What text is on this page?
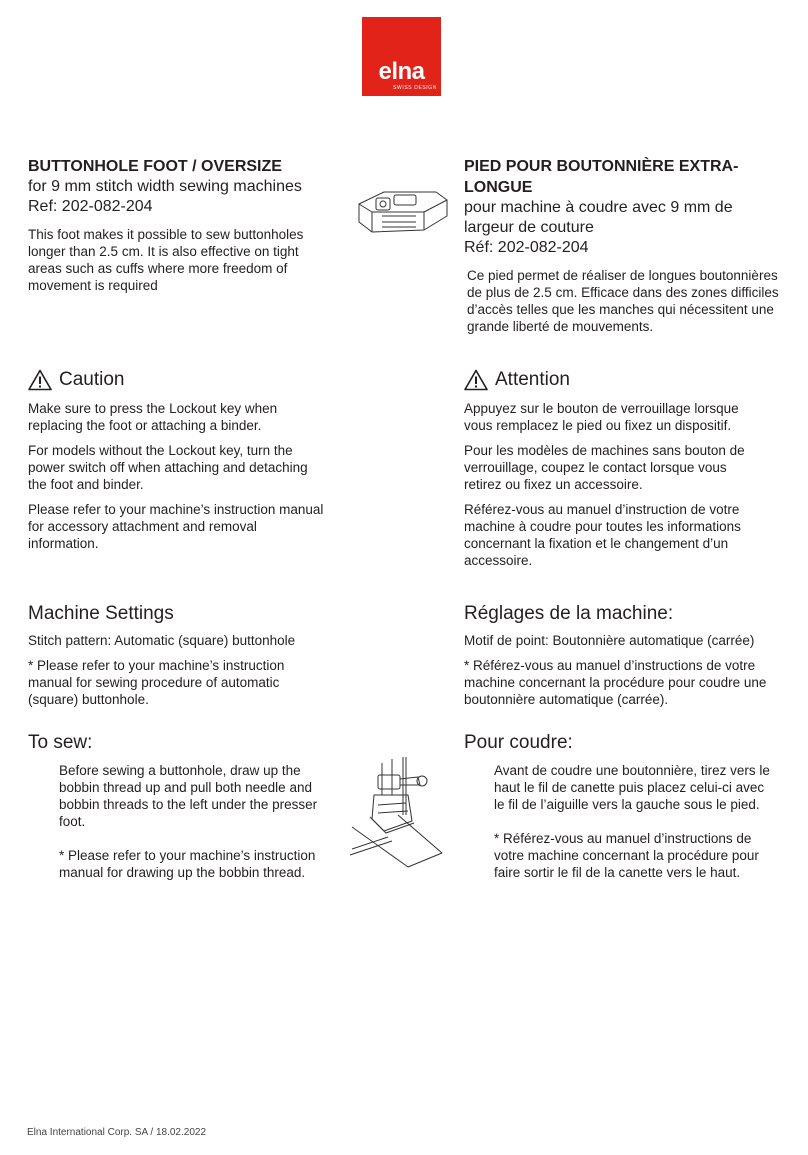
elna
SWISS DESIGN
BUTTONHOLE FOOT / OVERSIZE

for 9 mm stitch width sewing machines

Ref: 202-082-204

This foot makes it possible to sew buttonholes longer than 2.5 cm. It is also effective on tight areas such as cuffs where more freedom of movement is required

PIED POUR BOUTONNIÈRE EXTRA-LONGUE

pour machine à coudre avec 9 mm de largeur de couture

Réf: 202-082-204

Ce pied permet de réaliser de longues boutonnières de plus de 2.5 cm. Efficace dans des zones difficiles d’accès telles que les manches qui nécessitent une grande liberté de mouvements.

Caution

Make sure to press the Lockout key when replacing the foot or attaching a binder.

For models without the Lockout key, turn the power switch off when attaching and detaching the foot and binder.

Please refer to your machine’s instruction manual for accessory attachment and removal information.

Attention

Appuyez sur le bouton de verrouillage lorsque vous remplacez le pied ou fixez un dispositif.

Pour les modèles de machines sans bouton de verrouillage, coupez le contact lorsque vous retirez ou fixez un accessoire.

Référez-vous au manuel d’instruction de votre machine à coudre pour toutes les informations concernant la fixation et le changement d’un accessoire.

Machine Settings

Stitch pattern: Automatic (square) buttonhole

* Please refer to your machine’s instruction manual for sewing procedure of automatic (square) buttonhole.

Réglages de la machine:

Motif de point: Boutonnière automatique (carrée)

* Référez-vous au manuel d’instructions de votre machine concernant la procédure pour coudre une boutonnière automatique (carrée).

To sew:

Before sewing a buttonhole, draw up the bobbin thread up and pull both needle and bobbin threads to the left under the presser foot.

* Please refer to your machine’s instruction manual for drawing up the bobbin thread.

Pour coudre:

Avant de coudre une boutonnière, tirez vers le haut le fil de canette puis placez celui-ci avec le fil de l’aiguille vers la gauche sous le pied.

* Référez-vous au manuel d’instructions de votre machine concernant la procédure pour faire sortir le fil de la canette vers le haut.

Elna International Corp. SA / 18.02.2022
